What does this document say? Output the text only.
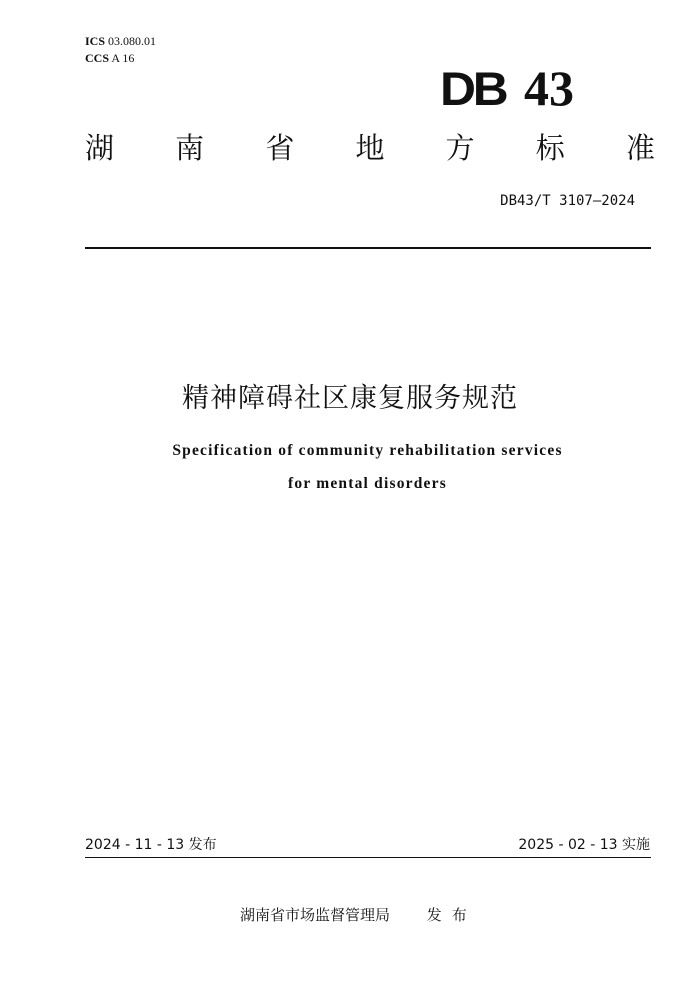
ICS 03.080.01
CCS A 16
DB 43
湖 南 省 地 方 标 准
DB43/T 3107—2024
精神障碍社区康复服务规范
Specification of community rehabilitation services
for mental disorders
2024 - 11 - 13 发布	2025 - 02 - 13 实施
湖南省市场监督管理局 发布
